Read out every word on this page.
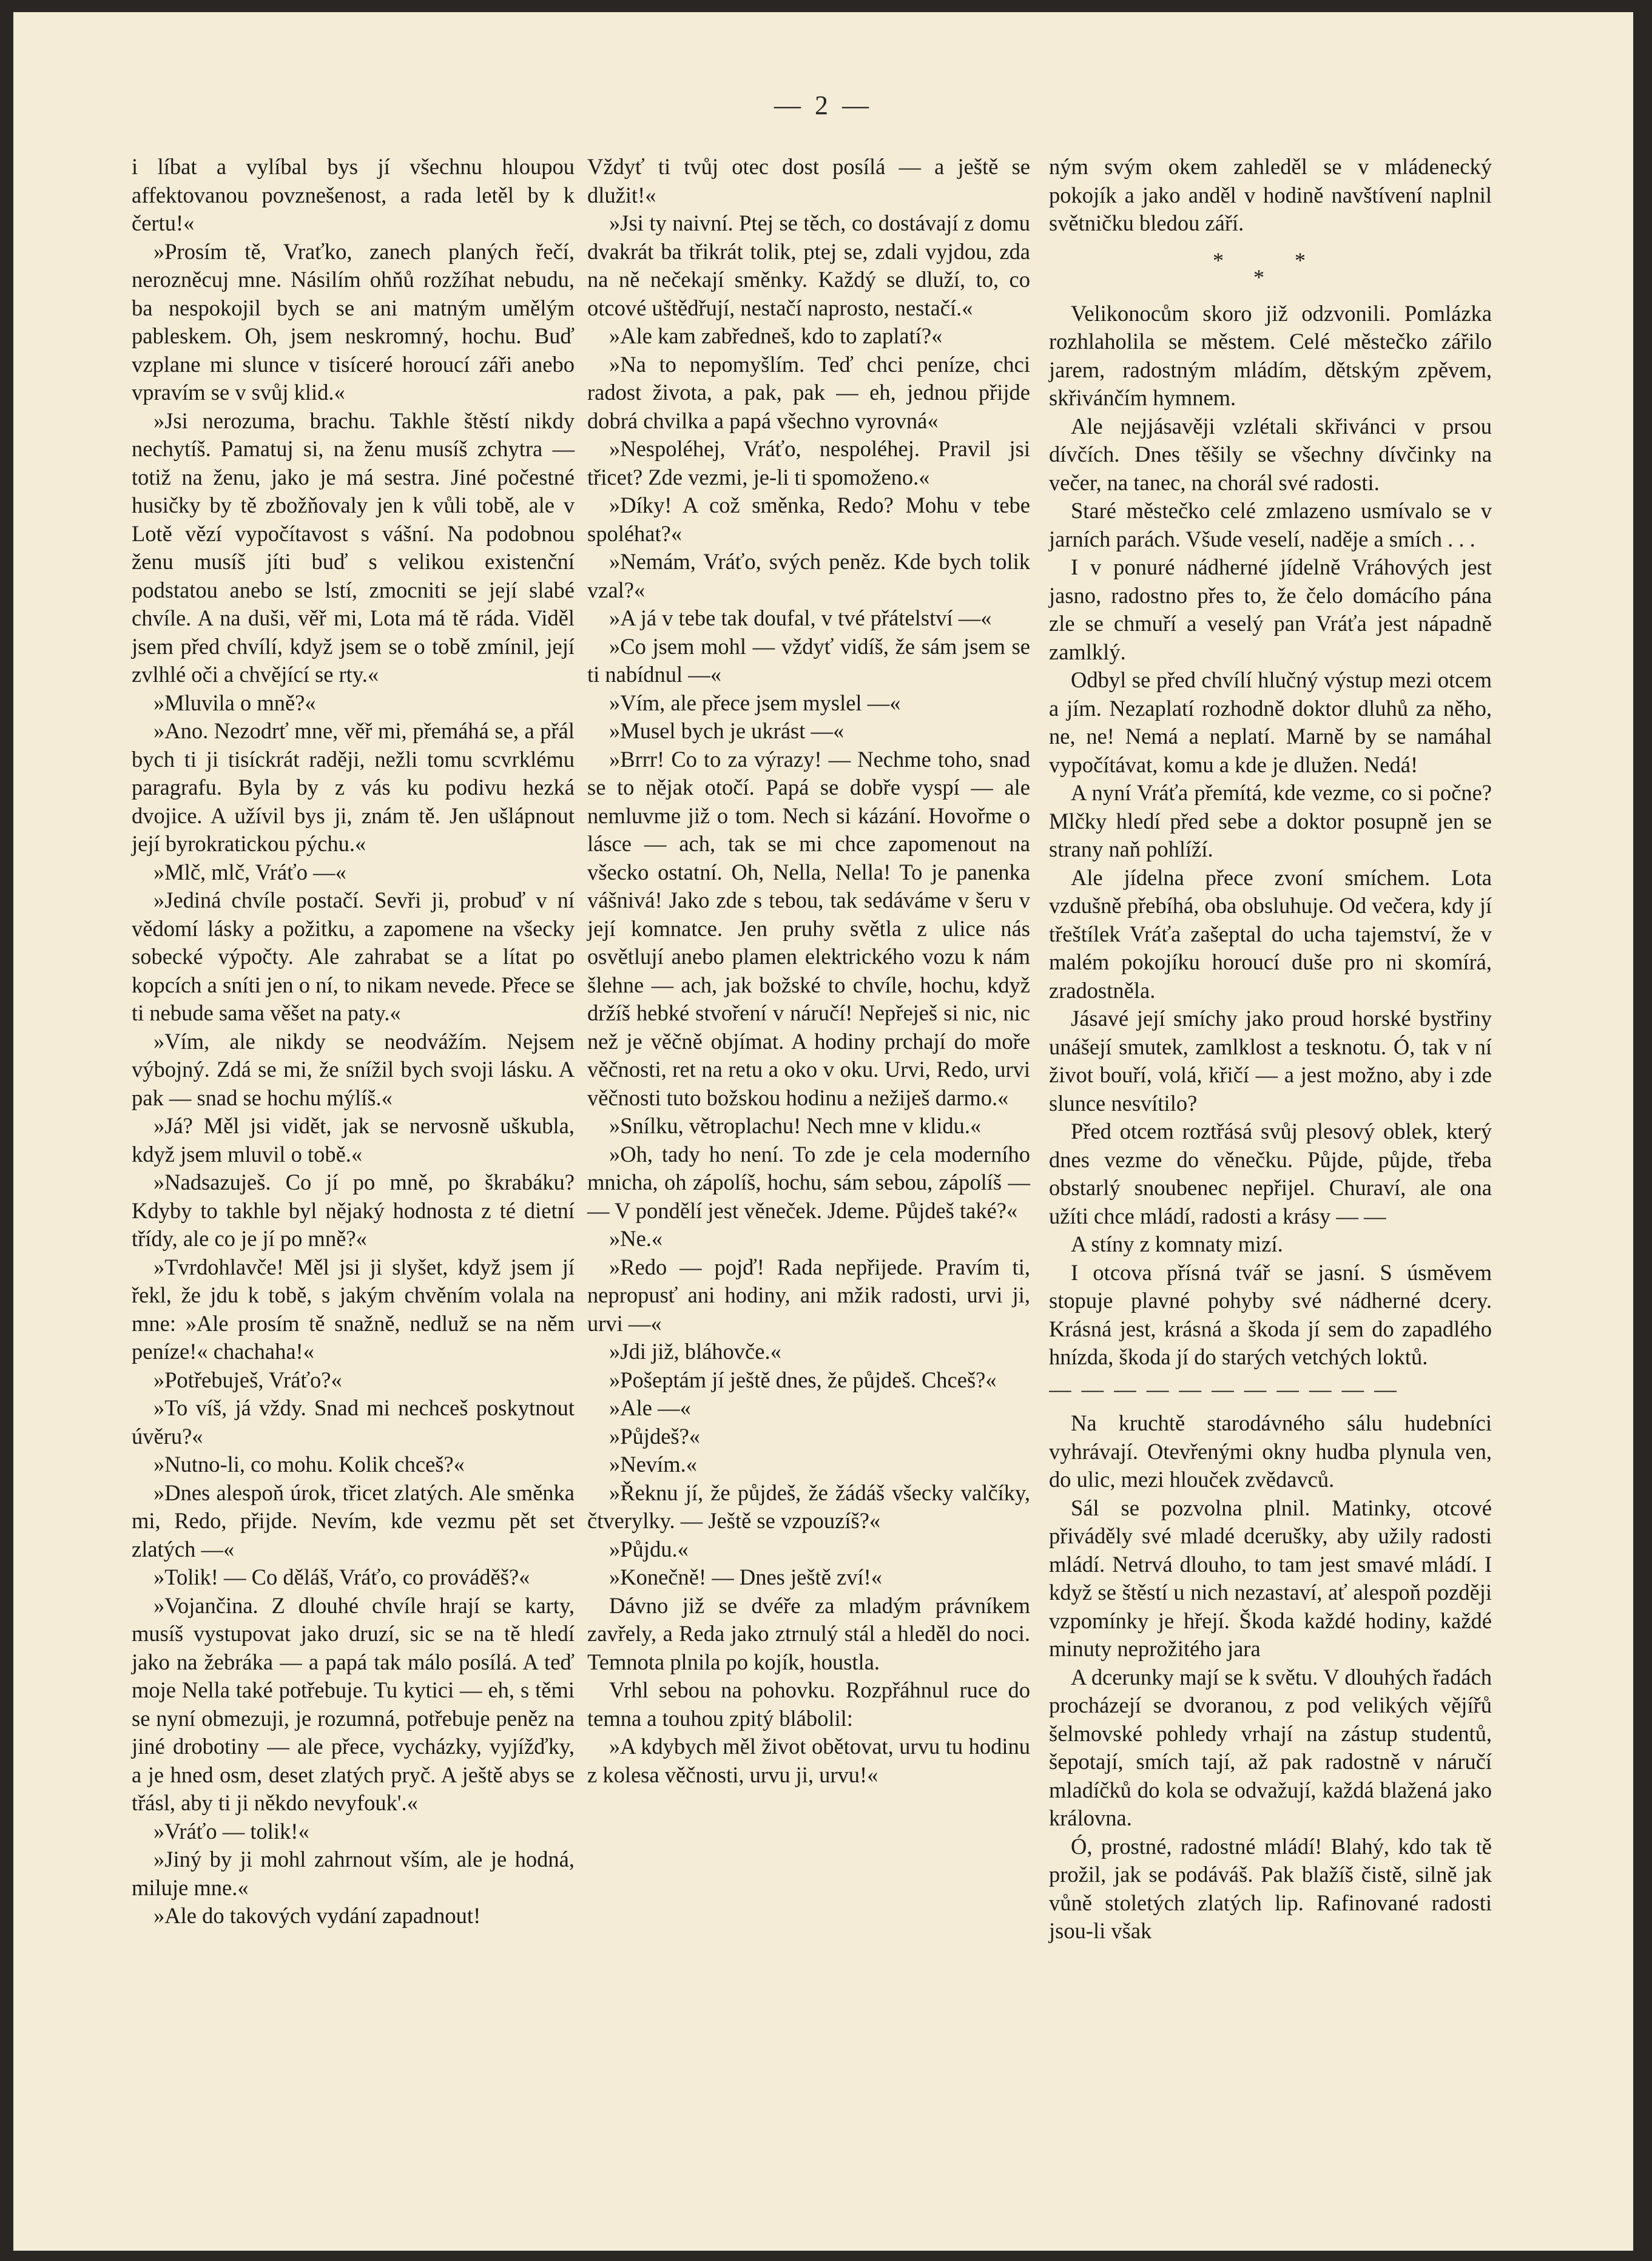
— 2 —

i líbat a vylíbal bys jí všechnu hloupou affektovanou povznešenost, a rada letěl by k čertu!«

»Prosím tě, Vraťko, zanech planých řečí, nerozněcuj mne. Násilím ohňů rozžíhat nebudu, ba nespokojil bych se ani matným umělým pableskem. Oh, jsem neskromný, hochu. Buď vzplane mi slunce v tisíceré horoucí záři anebo vpravím se v svůj klid.«

»Jsi nerozuma, brachu. Takhle štěstí nikdy nechytíš. Pamatuj si, na ženu musíš zchytra — totiž na ženu, jako je má sestra. Jiné počestné husičky by tě zbožňovaly jen k vůli tobě, ale v Lotě vězí vypočítavost s vášní. Na podobnou ženu musíš jíti buď s velikou existenční podstatou anebo se lstí, zmocniti se její slabé chvíle. A na duši, věř mi, Lota má tě ráda. Viděl jsem před chvílí, když jsem se o tobě zmínil, její zvlhlé oči a chvějící se rty.«

»Mluvila o mně?«

»Ano. Nezodrť mne, věř mi, přemáhá se, a přál bych ti ji tisíckrát raději, nežli tomu scvrklému paragrafu. Byla by z vás ku podivu hezká dvojice. A užívil bys ji, znám tě. Jen ušlápnout její byrokratickou pýchu.«

»Mlč, mlč, Vráťo —«

»Jediná chvíle postačí. Sevři ji, probuď v ní vědomí lásky a požitku, a zapomene na všecky sobecké výpočty. Ale zahrabat se a lítat po kopcích a sníti jen o ní, to nikam nevede. Přece se ti nebude sama věšet na paty.«

»Vím, ale nikdy se neodvážím. Nejsem výbojný. Zdá se mi, že snížil bych svoji lásku. A pak — snad se hochu mýlíš.«

»Já? Měl jsi vidět, jak se nervosně uškubla, když jsem mluvil o tobě.«

»Nadsazuješ. Co jí po mně, po škrabáku? Kdyby to takhle byl nějaký hodnosta z té dietní třídy, ale co je jí po mně?«

»Tvrdohlavče! Měl jsi ji slyšet, když jsem jí řekl, že jdu k tobě, s jakým chvěním volala na mne: »Ale prosím tě snažně, nedluž se na něm peníze!« chachaha!«

»Potřebuješ, Vráťo?«

»To víš, já vždy. Snad mi nechceš poskytnout úvěru?«

»Nutno-li, co mohu. Kolik chceš?«

»Dnes alespoň úrok, třicet zlatých. Ale směnka mi, Redo, přijde. Nevím, kde vezmu pět set zlatých —«

»Tolik! — Co děláš, Vráťo, co prováděš?«

»Vojančina. Z dlouhé chvíle hrají se karty, musíš vystupovat jako druzí, sic se na tě hledí jako na žebráka — a papá tak málo posílá. A teď moje Nella také potřebuje. Tu kytici — eh, s těmi se nyní obmezuji, je rozumná, potřebuje peněz na jiné drobotiny — ale přece, vycházky, vyjížďky, a je hned osm, deset zlatých pryč. A ještě abys se třásl, aby ti ji někdo nevyfouk'.«

»Vráťo — tolik!«

»Jiný by ji mohl zahrnout vším, ale je hodná, miluje mne.«

»Ale do takových vydání zapadnout!

Vždyť ti tvůj otec dost posílá — a ještě se dlužit!«

»Jsi ty naivní. Ptej se těch, co dostávají z domu dvakrát ba třikrát tolik, ptej se, zdali vyjdou, zda na ně nečekají směnky. Každý se dluží, to, co otcové uštědřují, nestačí naprosto, nestačí.«

»Ale kam zabředneš, kdo to zaplatí?«

»Na to nepomyšlím. Teď chci peníze, chci radost života, a pak, pak — eh, jednou přijde dobrá chvilka a papá všechno vyrovná«

»Nespoléhej, Vráťo, nespoléhej. Pravil jsi třicet? Zde vezmi, je-li ti spomoženo.«

»Díky! A což směnka, Redo? Mohu v tebe spoléhat?«

»Nemám, Vráťo, svých peněz. Kde bych tolik vzal?«

»A já v tebe tak doufal, v tvé přátelství —«

»Co jsem mohl — vždyť vidíš, že sám jsem se ti nabídnul —«

»Vím, ale přece jsem myslel —«

»Musel bych je ukrást —«

»Brrr! Co to za výrazy! — Nechme toho, snad se to nějak otočí. Papá se dobře vyspí — ale nemluvme již o tom. Nech si kázání. Hovořme o lásce — ach, tak se mi chce zapomenout na všecko ostatní. Oh, Nella, Nella! To je panenka vášnivá! Jako zde s tebou, tak sedáváme v šeru v její komnatce. Jen pruhy světla z ulice nás osvětlují anebo plamen elektrického vozu k nám šlehne — ach, jak božské to chvíle, hochu, když držíš hebké stvoření v náručí! Nepřeješ si nic, nic než je věčně objímat. A hodiny prchají do moře věčnosti, ret na retu a oko v oku. Urvi, Redo, urvi věčnosti tuto božskou hodinu a nežiješ darmo.«

»Snílku, větroplachu! Nech mne v klidu.«

»Oh, tady ho není. To zde je cela moderního mnicha, oh zápolíš, hochu, sám sebou, zápolíš — — V pondělí jest věneček. Jdeme. Půjdeš také?«

»Ne.«

»Redo — pojď! Rada nepřijede. Pravím ti, nepropusť ani hodiny, ani mžik radosti, urvi ji, urvi —«

»Jdi již, bláhovče.«

»Pošeptám jí ještě dnes, že půjdeš. Chceš?«

»Ale —«

»Půjdeš?«

»Nevím.«

»Řeknu jí, že půjdeš, že žádáš všecky valčíky, čtverylky. — Ještě se vzpouzíš?«

»Půjdu.«

»Konečně! — Dnes ještě zví!«

Dávno již se dvéře za mladým právníkem zavřely, a Reda jako ztrnulý stál a hleděl do noci. Temnota plnila po kojík, houstla.

Vrhl sebou na pohovku. Rozpřáhnul ruce do temna a touhou zpitý blábolil:

»A kdybych měl život obětovat, urvu tu hodinu z kolesa věčnosti, urvu ji, urvu!«

ným svým okem zahleděl se v mládenecký pokojík a jako anděl v hodině navštívení naplnil světničku bledou září.

*	*
*

Velikonocům skoro již odzvonili. Pomlázka rozhlaholila se městem. Celé městečko zářilo jarem, radostným mládím, dětským zpěvem, skřivánčím hymnem.

Ale nejjásavěji vzlétali skřivánci v prsou dívčích. Dnes těšily se všechny dívčinky na večer, na tanec, na chorál své radosti.

Staré městečko celé zmlazeno usmívalo se v jarních parách. Všude veselí, naděje a smích . . .

I v ponuré nádherné jídelně Vráhových jest jasno, radostno přes to, že čelo domácího pána zle se chmuří a veselý pan Vráťa jest nápadně zamlklý.

Odbyl se před chvílí hlučný výstup mezi otcem a jím. Nezaplatí rozhodně doktor dluhů za něho, ne, ne! Nemá a neplatí. Marně by se namáhal vypočítávat, komu a kde je dlužen. Nedá!

A nyní Vráťa přemítá, kde vezme, co si počne? Mlčky hledí před sebe a doktor posupně jen se strany naň pohlíží.

Ale jídelna přece zvoní smíchem. Lota vzdušně přebíhá, oba obsluhuje. Od večera, kdy jí třeštílek Vráťa zašeptal do ucha tajemství, že v malém pokojíku horoucí duše pro ni skomírá, zradostněla.

Jásavé její smíchy jako proud horské bystřiny unášejí smutek, zamlklost a tesknotu. Ó, tak v ní život bouří, volá, křičí — a jest možno, aby i zde slunce nesvítilo?

Před otcem roztřásá svůj plesový oblek, který dnes vezme do věnečku. Půjde, půjde, třeba obstarlý snoubenec nepřijel. Churaví, ale ona užíti chce mládí, radosti a krásy — —

A stíny z komnaty mizí.

I otcova přísná tvář se jasní. S úsměvem stopuje plavné pohyby své nádherné dcery. Krásná jest, krásná a škoda jí sem do zapadlého hnízda, škoda jí do starých vetchých loktů.

— — — — — — — — — — —

Na kruchtě starodávného sálu hudebníci vyhrávají. Otevřenými okny hudba plynula ven, do ulic, mezi hlouček zvědavců.

Sál se pozvolna plnil. Matinky, otcové přiváděly své mladé dcerušky, aby užily radosti mládí. Netrvá dlouho, to tam jest smavé mládí. I když se štěstí u nich nezastaví, ať alespoň později vzpomínky je hřejí. Škoda každé hodiny, každé minuty neprožitého jara

A dcerunky mají se k světu. V dlouhých řadách procházejí se dvoranou, z pod velikých vějířů šelmovské pohledy vrhají na zástup studentů, šepotají, smích tají, až pak radostně v náručí mladíčků do kola se odvažují, každá blažená jako královna.

Ó, prostné, radostné mládí! Blahý, kdo tak tě prožil, jak se podáváš. Pak blažíš čistě, silně jak vůně stoletých zlatých lip. Rafinované radosti jsou-li však
